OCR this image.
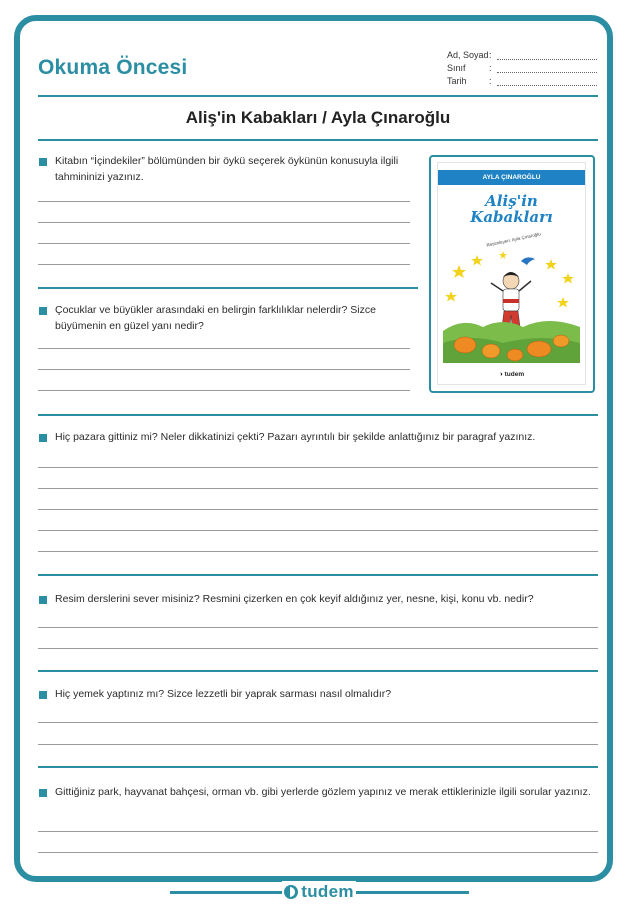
Okuma Öncesi
Ad, Soyad :
Sınıf	:
Tarih	:
Aliş'in Kabakları / Ayla Çınaroğlu
Kitabın “İçindekiler” bölümünden bir öykü seçerek öykünün konusuyla ilgili tahmininizi yazınız.
Çocuklar ve büyükler arasındaki en belirgin farklılıklar nelerdir? Sizce büyümenin en güzel yanı nedir?
AYLA ÇINAROĞLU
Aliş'in
Kabakları
Resimleyen: Ayla Çınaroğlu
◑ tudem
Hiç pazara gittiniz mi? Neler dikkatinizi çekti? Pazarı ayrıntılı bir şekilde anlattığınız bir paragraf yazınız.
Resim derslerini sever misiniz? Resmini çizerken en çok keyif aldığınız yer, nesne, kişi, konu vb. nedir?
Hiç yemek yaptınız mı? Sizce lezzetli bir yaprak sarması nasıl olmalıdır?
Gittiğiniz park, hayvanat bahçesi, orman vb. gibi yerlerde gözlem yapınız ve merak ettiklerinizle ilgili sorular yazınız.
tudem
